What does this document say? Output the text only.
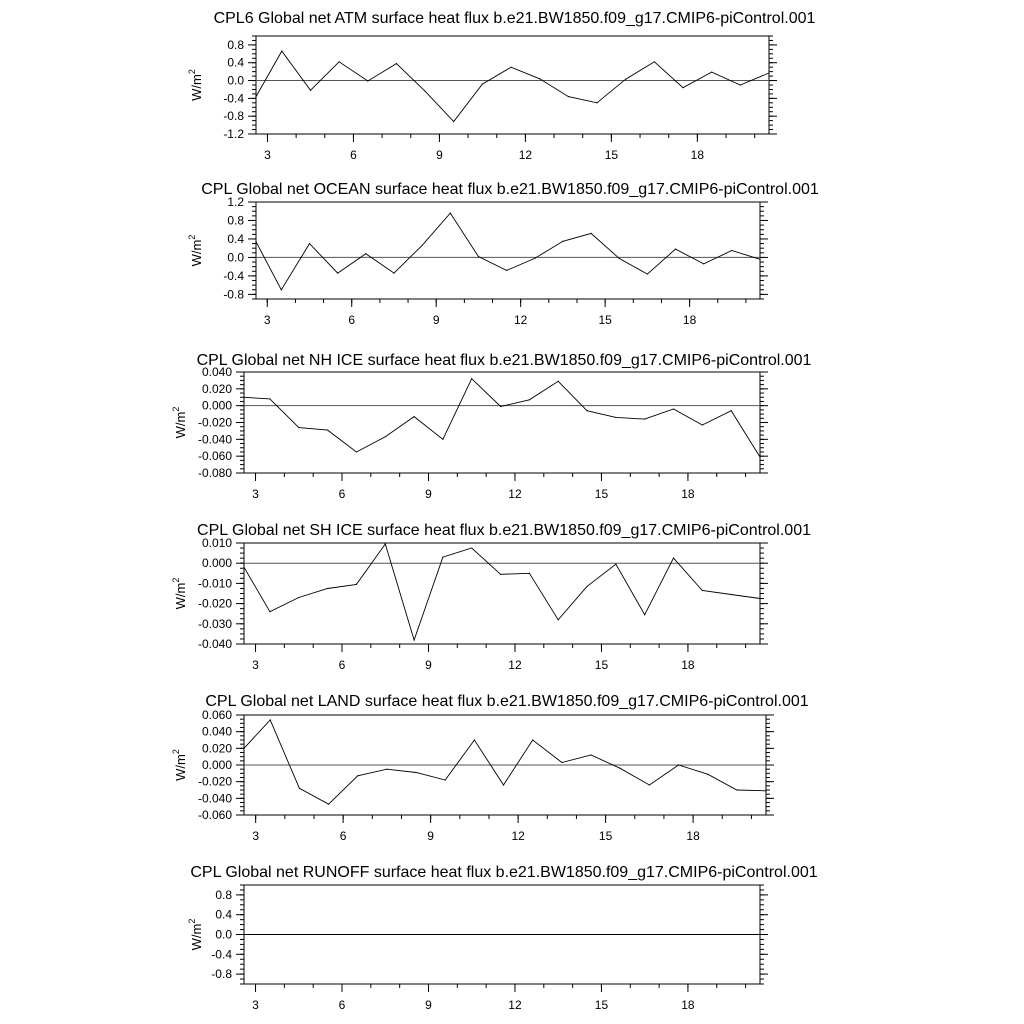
CPL6 Global net ATM surface heat flux b.e21.BW1850.f09_g17.CMIP6-piControl.001
-1.2
-0.8
-0.4
0.0
0.4
0.8
3	6	9	12	15	18
$W/m^2$
CPL Global net OCEAN surface heat flux b.e21.BW1850.f09_g17.CMIP6-piControl.001
-0.8
-0.4
0.0
0.4
0.8
1.2
3	6	9	12	15	18
$W/m^2$
CPL Global net NH ICE surface heat flux b.e21.BW1850.f09_g17.CMIP6-piControl.001
-0.080
-0.060
-0.040
-0.020
0.000
0.020
0.040
3	6	9	12	15	18
$W/m^2$
CPL Global net SH ICE surface heat flux b.e21.BW1850.f09_g17.CMIP6-piControl.001
-0.040
-0.030
-0.020
-0.010
0.000
0.010
3	6	9	12	15	18
$W/m^2$
CPL Global net LAND surface heat flux b.e21.BW1850.f09_g17.CMIP6-piControl.001
-0.060
-0.040
-0.020
0.000
0.020
0.040
0.060
3	6	9	12	15	18
$W/m^2$
CPL Global net RUNOFF surface heat flux b.e21.BW1850.f09_g17.CMIP6-piControl.001
-0.8
-0.4
0.0
0.4
0.8
3	6	9	12	15	18
$W/m^2$
